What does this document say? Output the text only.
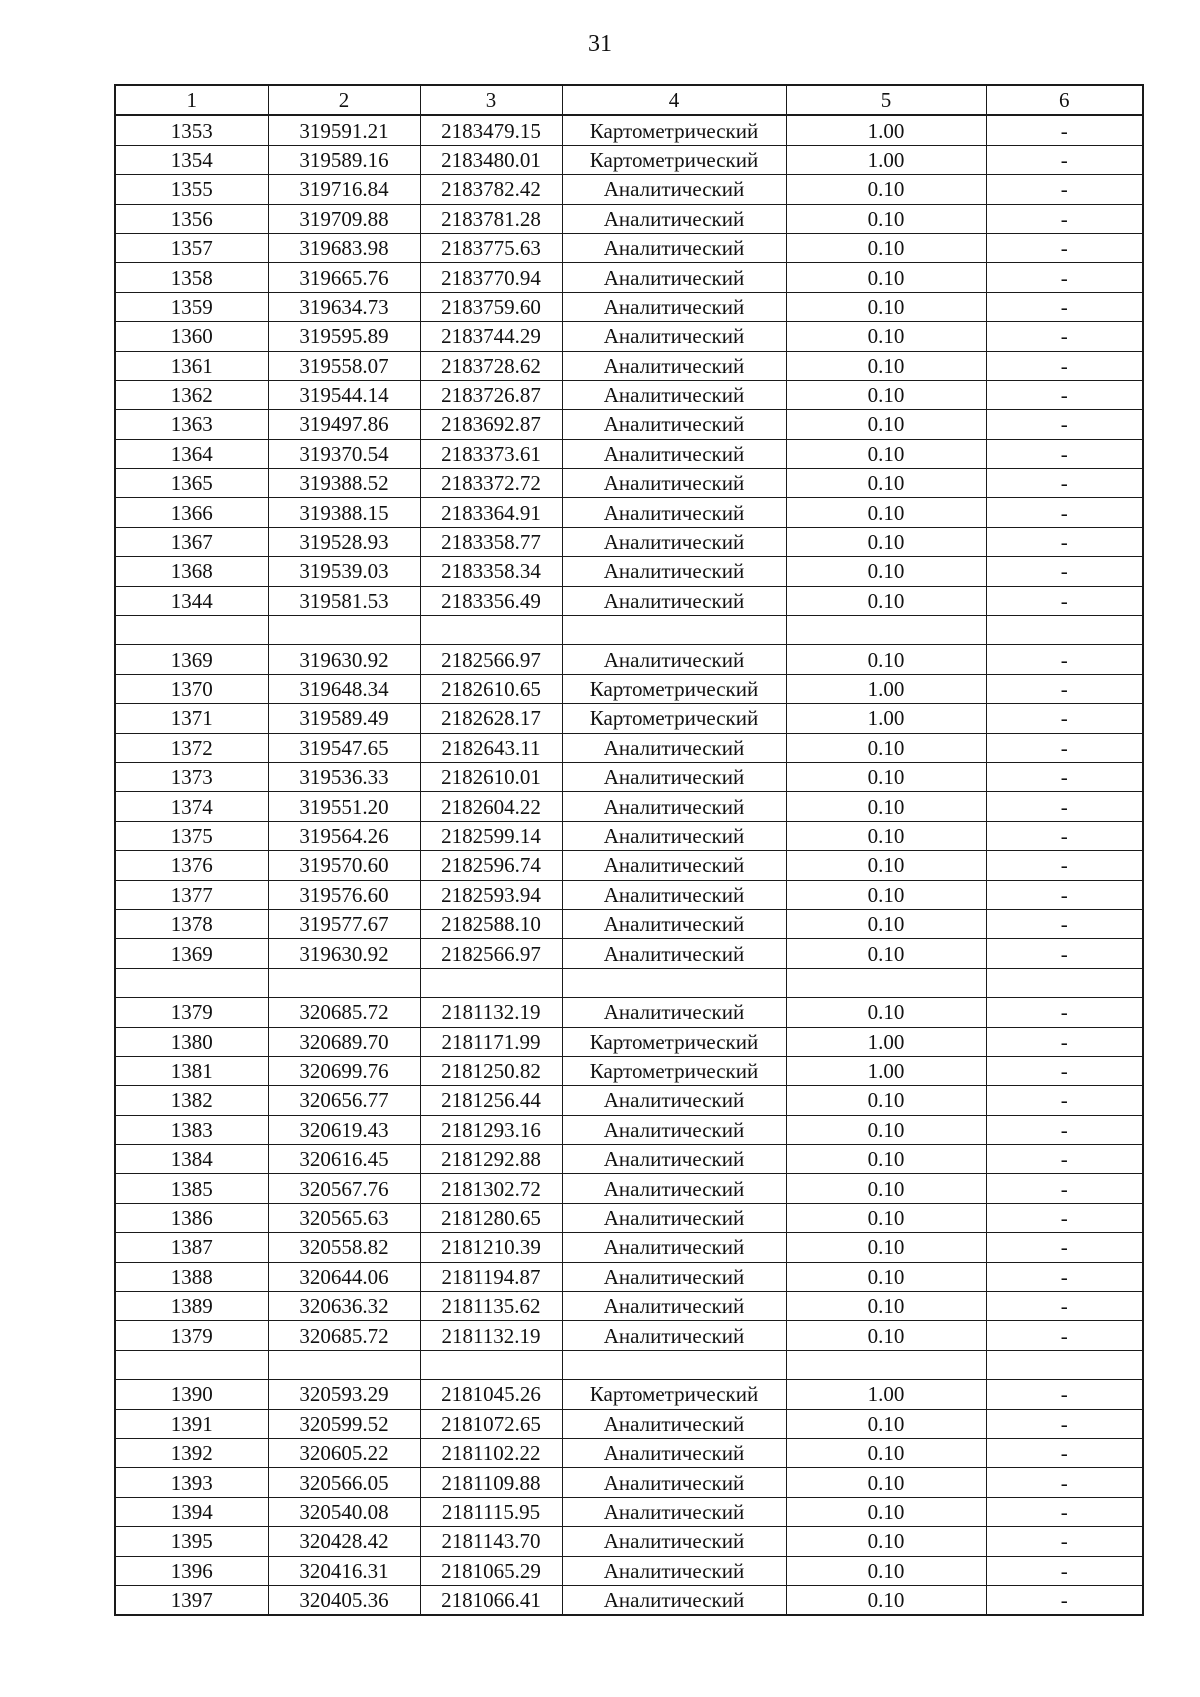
31
1	2	3	4	5	6
1353	319591.21	2183479.15	Картометрический	1.00	-
1354	319589.16	2183480.01	Картометрический	1.00	-
1355	319716.84	2183782.42	Аналитический	0.10	-
1356	319709.88	2183781.28	Аналитический	0.10	-
1357	319683.98	2183775.63	Аналитический	0.10	-
1358	319665.76	2183770.94	Аналитический	0.10	-
1359	319634.73	2183759.60	Аналитический	0.10	-
1360	319595.89	2183744.29	Аналитический	0.10	-
1361	319558.07	2183728.62	Аналитический	0.10	-
1362	319544.14	2183726.87	Аналитический	0.10	-
1363	319497.86	2183692.87	Аналитический	0.10	-
1364	319370.54	2183373.61	Аналитический	0.10	-
1365	319388.52	2183372.72	Аналитический	0.10	-
1366	319388.15	2183364.91	Аналитический	0.10	-
1367	319528.93	2183358.77	Аналитический	0.10	-
1368	319539.03	2183358.34	Аналитический	0.10	-
1344	319581.53	2183356.49	Аналитический	0.10	-

1369	319630.92	2182566.97	Аналитический	0.10	-
1370	319648.34	2182610.65	Картометрический	1.00	-
1371	319589.49	2182628.17	Картометрический	1.00	-
1372	319547.65	2182643.11	Аналитический	0.10	-
1373	319536.33	2182610.01	Аналитический	0.10	-
1374	319551.20	2182604.22	Аналитический	0.10	-
1375	319564.26	2182599.14	Аналитический	0.10	-
1376	319570.60	2182596.74	Аналитический	0.10	-
1377	319576.60	2182593.94	Аналитический	0.10	-
1378	319577.67	2182588.10	Аналитический	0.10	-
1369	319630.92	2182566.97	Аналитический	0.10	-

1379	320685.72	2181132.19	Аналитический	0.10	-
1380	320689.70	2181171.99	Картометрический	1.00	-
1381	320699.76	2181250.82	Картометрический	1.00	-
1382	320656.77	2181256.44	Аналитический	0.10	-
1383	320619.43	2181293.16	Аналитический	0.10	-
1384	320616.45	2181292.88	Аналитический	0.10	-
1385	320567.76	2181302.72	Аналитический	0.10	-
1386	320565.63	2181280.65	Аналитический	0.10	-
1387	320558.82	2181210.39	Аналитический	0.10	-
1388	320644.06	2181194.87	Аналитический	0.10	-
1389	320636.32	2181135.62	Аналитический	0.10	-
1379	320685.72	2181132.19	Аналитический	0.10	-

1390	320593.29	2181045.26	Картометрический	1.00	-
1391	320599.52	2181072.65	Аналитический	0.10	-
1392	320605.22	2181102.22	Аналитический	0.10	-
1393	320566.05	2181109.88	Аналитический	0.10	-
1394	320540.08	2181115.95	Аналитический	0.10	-
1395	320428.42	2181143.70	Аналитический	0.10	-
1396	320416.31	2181065.29	Аналитический	0.10	-
1397	320405.36	2181066.41	Аналитический	0.10	-
